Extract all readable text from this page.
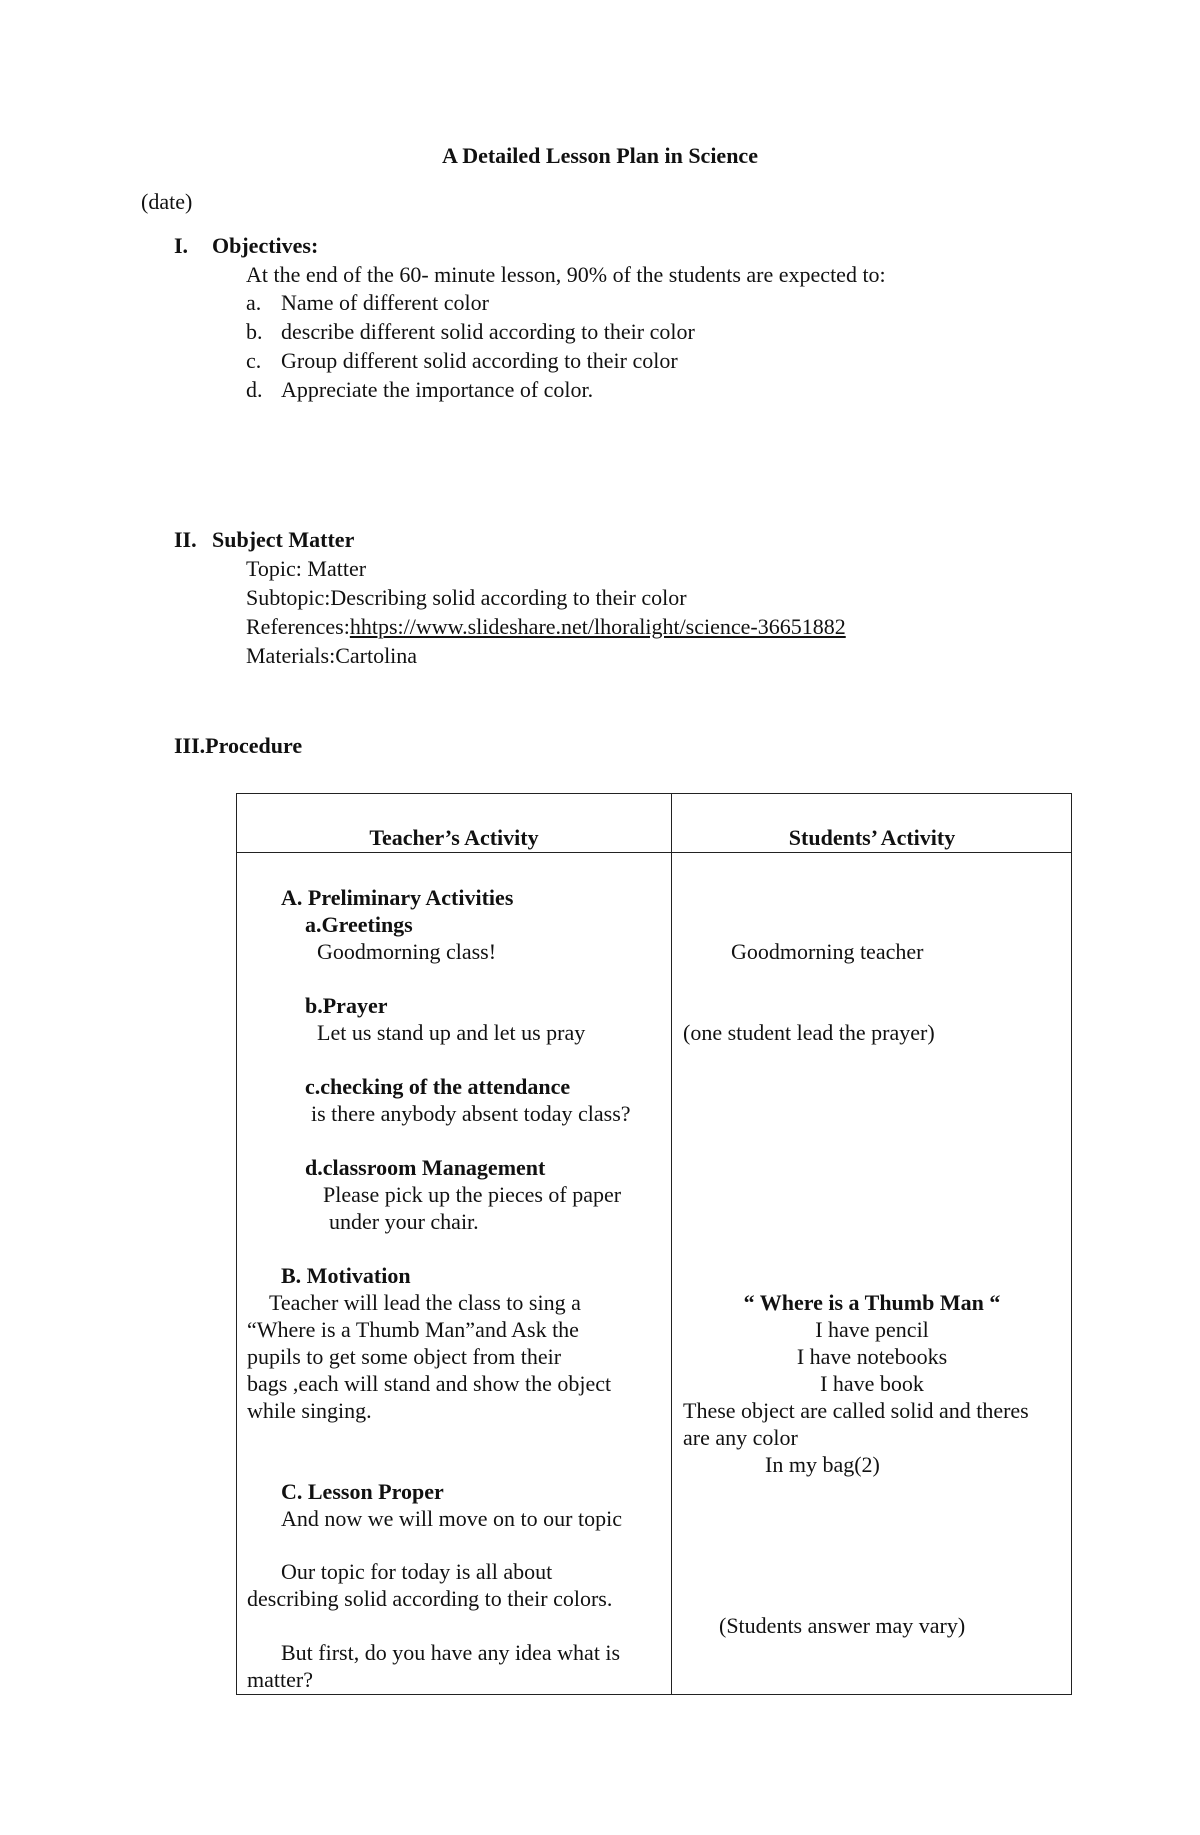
A Detailed Lesson Plan in Science
(date)
I. Objectives:
At the end of the 60- minute lesson, 90% of the students are expected to:
a. Name of different color
b. describe different solid according to their color
c. Group different solid according to their color
d. Appreciate the importance of color.
II. Subject Matter
Topic: Matter
Subtopic:Describing solid according to their color
References:hhtps://www.slideshare.net/lhoralight/science-36651882
Materials:Cartolina
III.Procedure
Teacher’s Activity	Students’ Activity
A. Preliminary Activities
a.Greetings
Goodmorning class!
b.Prayer
Let us stand up and let us pray
c.checking of the attendance
is there anybody absent today class?
d.classroom Management
Please pick up the pieces of paper
under your chair.
B. Motivation
Teacher will lead the class to sing a
“Where is a Thumb Man”and Ask the
pupils to get some object from their
bags ,each will stand and show the object
while singing.
C. Lesson Proper
And now we will move on to our topic
Our topic for today is all about
describing solid according to their colors.
But first, do you have any idea what is
matter?
Goodmorning teacher
(one student lead the prayer)
“ Where is a Thumb Man “
I have pencil
I have notebooks
I have book
These object are called solid and theres
are any color
In my bag(2)
(Students answer may vary)
